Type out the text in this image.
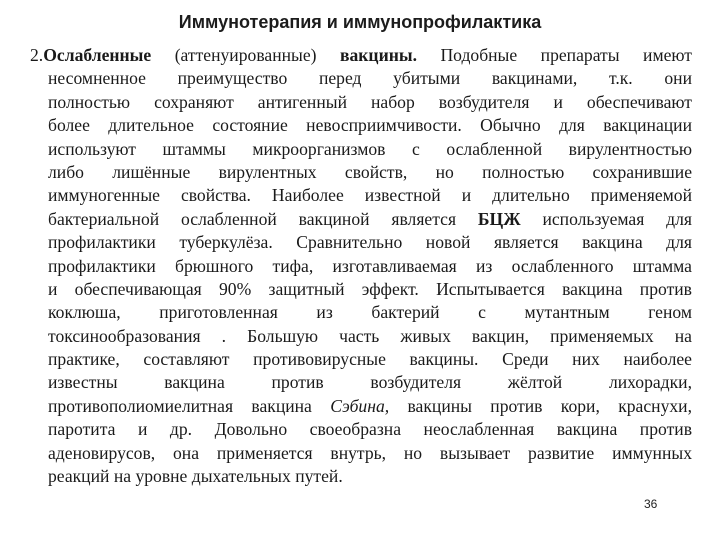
Иммунотерапия и иммунопрофилактика
2.Ослабленные (аттенуированные) вакцины. Подобные препараты имеют
несомненное преимущество перед убитыми вакцинами, т.к. они
полностью сохраняют антигенный набор возбудителя и обеспечивают
более длительное состояние невосприимчивости. Обычно для вакцинации
используют штаммы микроорганизмов с ослабленной вирулентностью
либо лишённые вирулентных свойств, но полностью сохранившие
иммуногенные свойства. Наиболее известной и длительно применяемой
бактериальной ослабленной вакциной является БЦЖ используемая для
профилактики туберкулёза. Сравнительно новой является вакцина для
профилактики брюшного тифа, изготавливаемая из ослабленного штамма
и обеспечивающая 90% защитный эффект. Испытывается вакцина против
коклюша, приготовленная из бактерий с мутантным геном
токсинообразования . Большую часть живых вакцин, применяемых на
практике, составляют противовирусные вакцины. Среди них наиболее
известны вакцина против возбудителя жёлтой лихорадки,
противополиомиелитная вакцина Сэбина, вакцины против кори, краснухи,
паротита и др. Довольно своеобразна неослабленная вакцина против
аденовирусов, она применяется внутрь, но вызывает развитие иммунных
реакций на уровне дыхательных путей.
36
